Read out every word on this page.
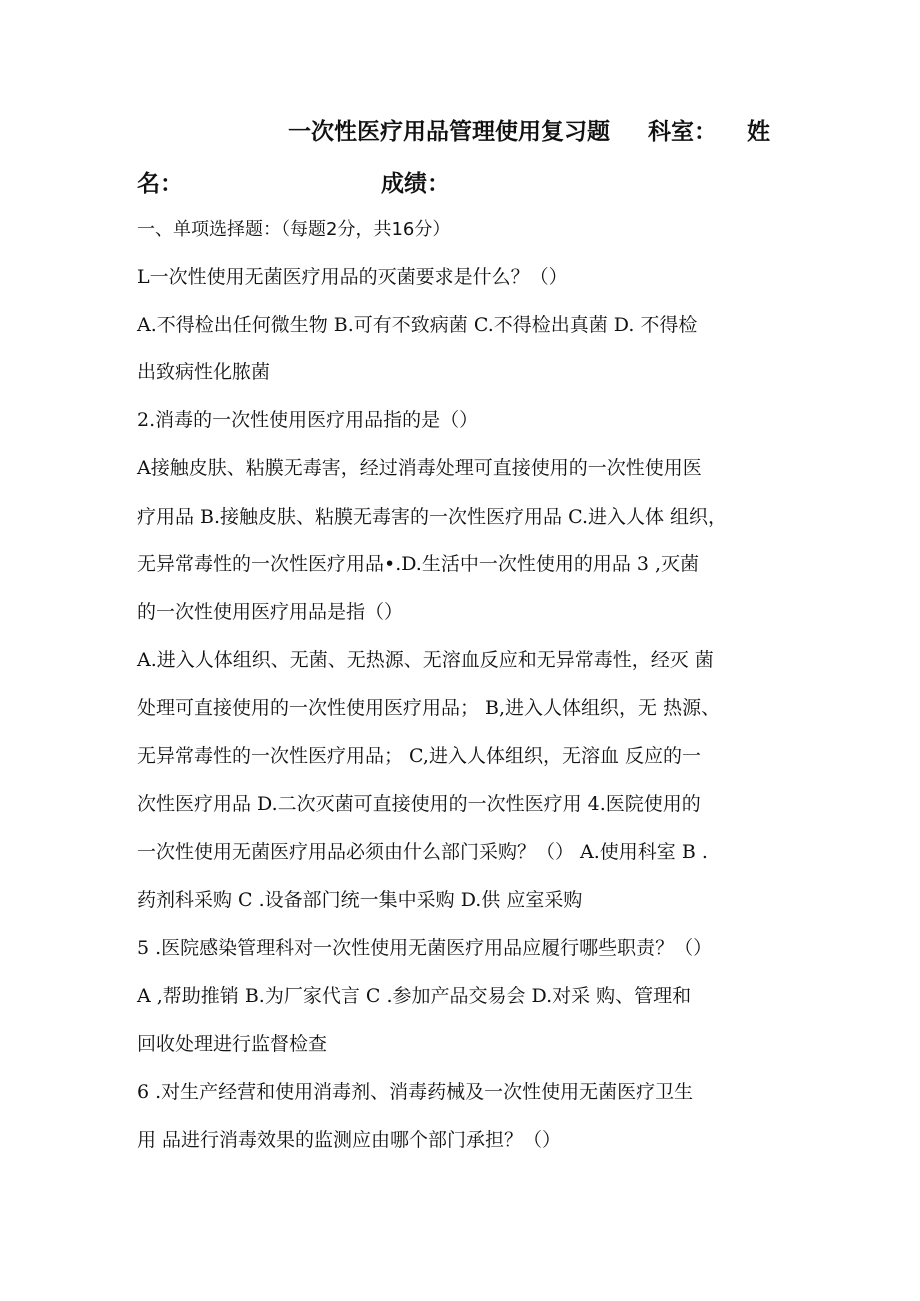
一次性医疗用品管理使用复习题 科室： 姓
名：	成绩：
一、单项选择题：（每题2分，共16分）
L一次性使用无菌医疗用品的灭菌要求是什么？（）
A.不得检出任何微生物 B.可有不致病菌 C.不得检出真菌 D. 不得检
出致病性化脓菌
2.消毒的一次性使用医疗用品指的是（）
A接触皮肤、粘膜无毒害，经过消毒处理可直接使用的一次性使用医
疗用品 B.接触皮肤、粘膜无毒害的一次性医疗用品 C.进入人体 组织，
无异常毒性的一次性医疗用品•.D.生活中一次性使用的用品 3 ,灭菌
的一次性使用医疗用品是指（）
A.进入人体组织、无菌、无热源、无溶血反应和无异常毒性，经灭 菌
处理可直接使用的一次性使用医疗用品； B,进入人体组织，无 热源、
无异常毒性的一次性医疗用品； C,进入人体组织，无溶血 反应的一
次性医疗用品 D.二次灭菌可直接使用的一次性医疗用 4.医院使用的
一次性使用无菌医疗用品必须由什么部门采购？（） A.使用科室 B .
药剂科采购 C .设备部门统一集中采购 D.供 应室采购
5 .医院感染管理科对一次性使用无菌医疗用品应履行哪些职责？（）
A ,帮助推销 B.为厂家代言 C .参加产品交易会 D.对采 购、管理和
回收处理进行监督检查
6 .对生产经营和使用消毒剂、消毒药械及一次性使用无菌医疗卫生
用 品进行消毒效果的监测应由哪个部门承担？（）
